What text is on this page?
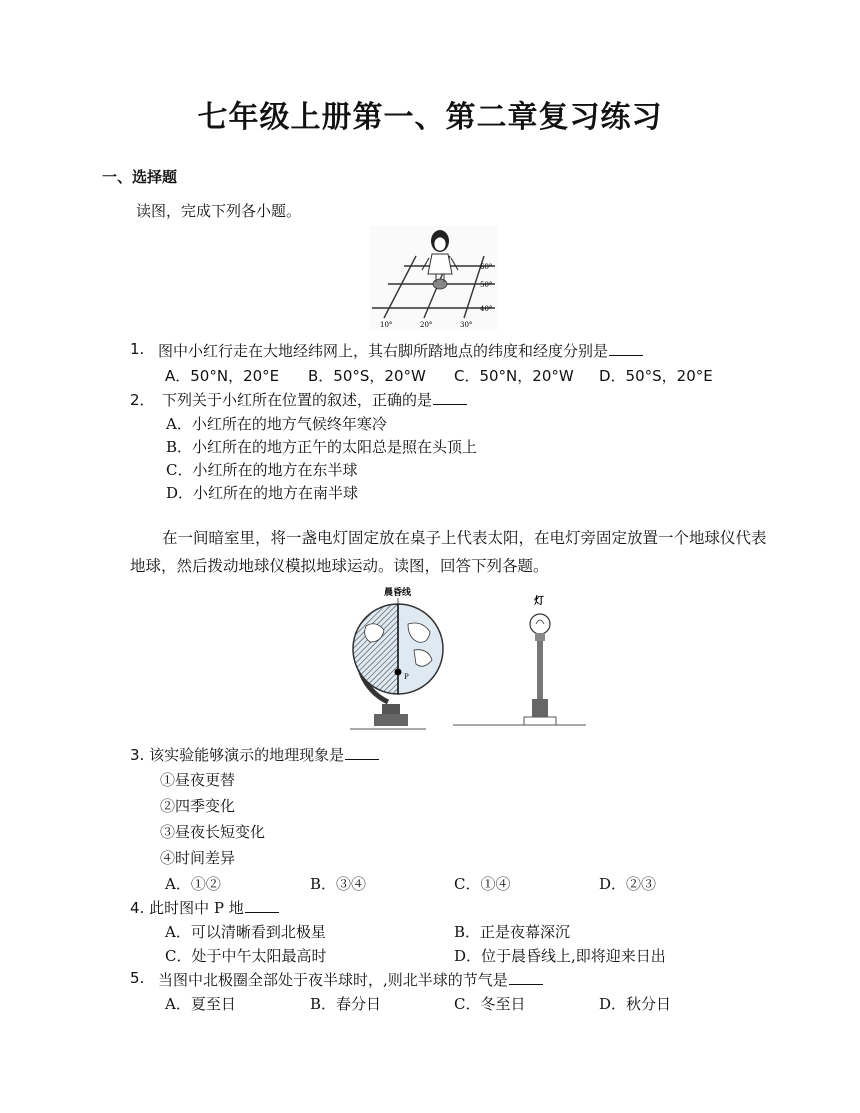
七年级上册第一、第二章复习练习
一、选择题
读图，完成下列各小题。
60°
50°
40°
10°	20°	30°
1. 图中小红行走在大地经纬网上，其右脚所踏地点的纬度和经度分别是
A．50°N，20°E B．50°S，20°W C．50°N，20°W D．50°S，20°E
2． 下列关于小红所在位置的叙述，正确的是
A．小红所在的地方气候终年寒冷
B．小红所在的地方正午的太阳总是照在头顶上
C．小红所在的地方在东半球
D．小红所在的地方在南半球
在一间暗室里，将一盏电灯固定放在桌子上代表太阳，在电灯旁固定放置一个地球仪代表地球，然后拨动地球仪模拟地球运动。读图，回答下列各题。
P
晨昏线
灯
3. 该实验能够演示的地理现象是
①昼夜更替
②四季变化
③昼夜长短变化
④时间差异
A．①②	B．③④	C．①④	D．②③
4. 此时图中 P 地
A．可以清晰看到北极星	B．正是夜幕深沉
C．处于中午太阳最高时	D．位于晨昏线上,即将迎来日出
5. 当图中北极圈全部处于夜半球时，,则北半球的节气是
A．夏至日	B．春分日	C．冬至日	D．秋分日
